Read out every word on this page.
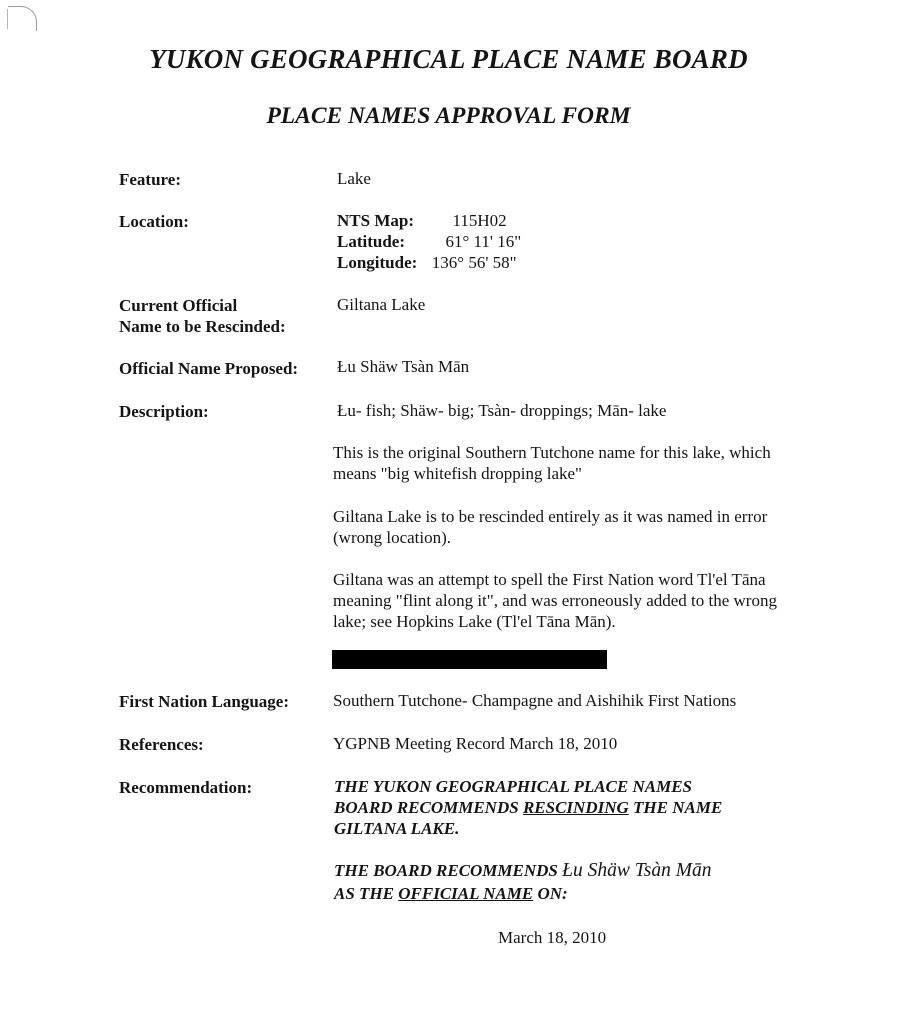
YUKON GEOGRAPHICAL PLACE NAME BOARD
PLACE NAMES APPROVAL FORM
Feature:	Lake
Location:	NTS Map: 115H02
Latitude: 61° 11' 16"
Longitude: 136° 56' 58"
Current Official
Name to be Rescinded:
Giltana Lake
Official Name Proposed: Łu Shäw Tsàn Mān
Description:	Łu- fish; Shäw- big; Tsàn- droppings; Mān- lake
This is the original Southern Tutchone name for this lake, which means "big whitefish dropping lake"
Giltana Lake is to be rescinded entirely as it was named in error (wrong location).
Giltana was an attempt to spell the First Nation word Tl'el Tāna meaning "flint along it", and was erroneously added to the wrong lake; see Hopkins Lake (Tl'el Tāna Mān).
First Nation Language:	Southern Tutchone- Champagne and Aishihik First Nations
References:	YGPNB Meeting Record March 18, 2010
Recommendation:	THE YUKON GEOGRAPHICAL PLACE NAMES
BOARD RECOMMENDS RESCINDING THE NAME
GILTANA LAKE.
THE BOARD RECOMMENDS Łu Shäw Tsàn Mān
AS THE OFFICIAL NAME ON:
March 18, 2010
